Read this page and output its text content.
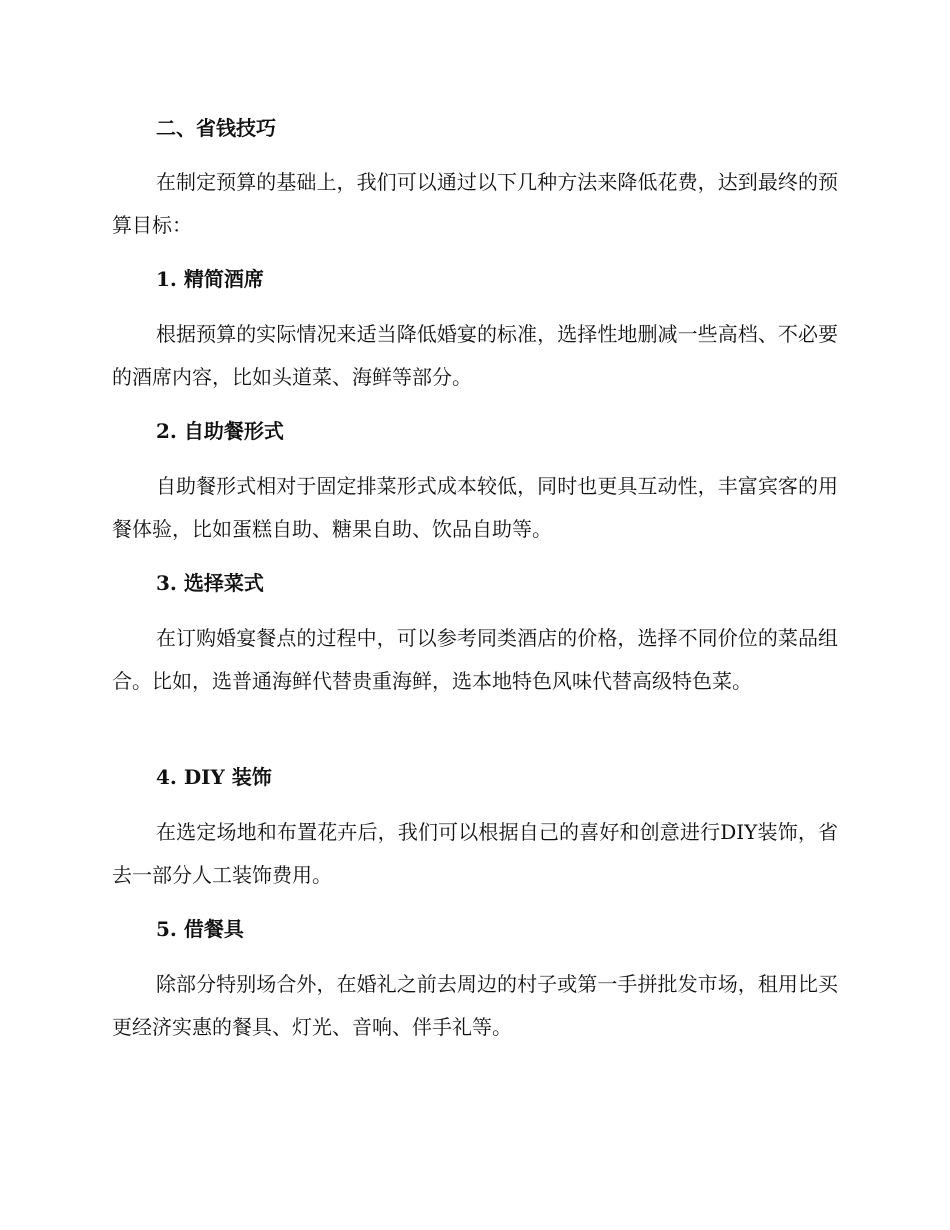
二、省钱技巧

在制定预算的基础上，我们可以通过以下几种方法来降低花费，达到最终的预算目标：

1. 精简酒席

根据预算的实际情况来适当降低婚宴的标准，选择性地删减一些高档、不必要的酒席内容，比如头道菜、海鲜等部分。

2. 自助餐形式

自助餐形式相对于固定排菜形式成本较低，同时也更具互动性，丰富宾客的用餐体验，比如蛋糕自助、糖果自助、饮品自助等。

3. 选择菜式

在订购婚宴餐点的过程中，可以参考同类酒店的价格，选择不同价位的菜品组合。比如，选普通海鲜代替贵重海鲜，选本地特色风味代替高级特色菜。

4. DIY 装饰

在选定场地和布置花卉后，我们可以根据自己的喜好和创意进行DIY装饰，省去一部分人工装饰费用。

5. 借餐具

除部分特别场合外，在婚礼之前去周边的村子或第一手拼批发市场，租用比买更经济实惠的餐具、灯光、音响、伴手礼等。
